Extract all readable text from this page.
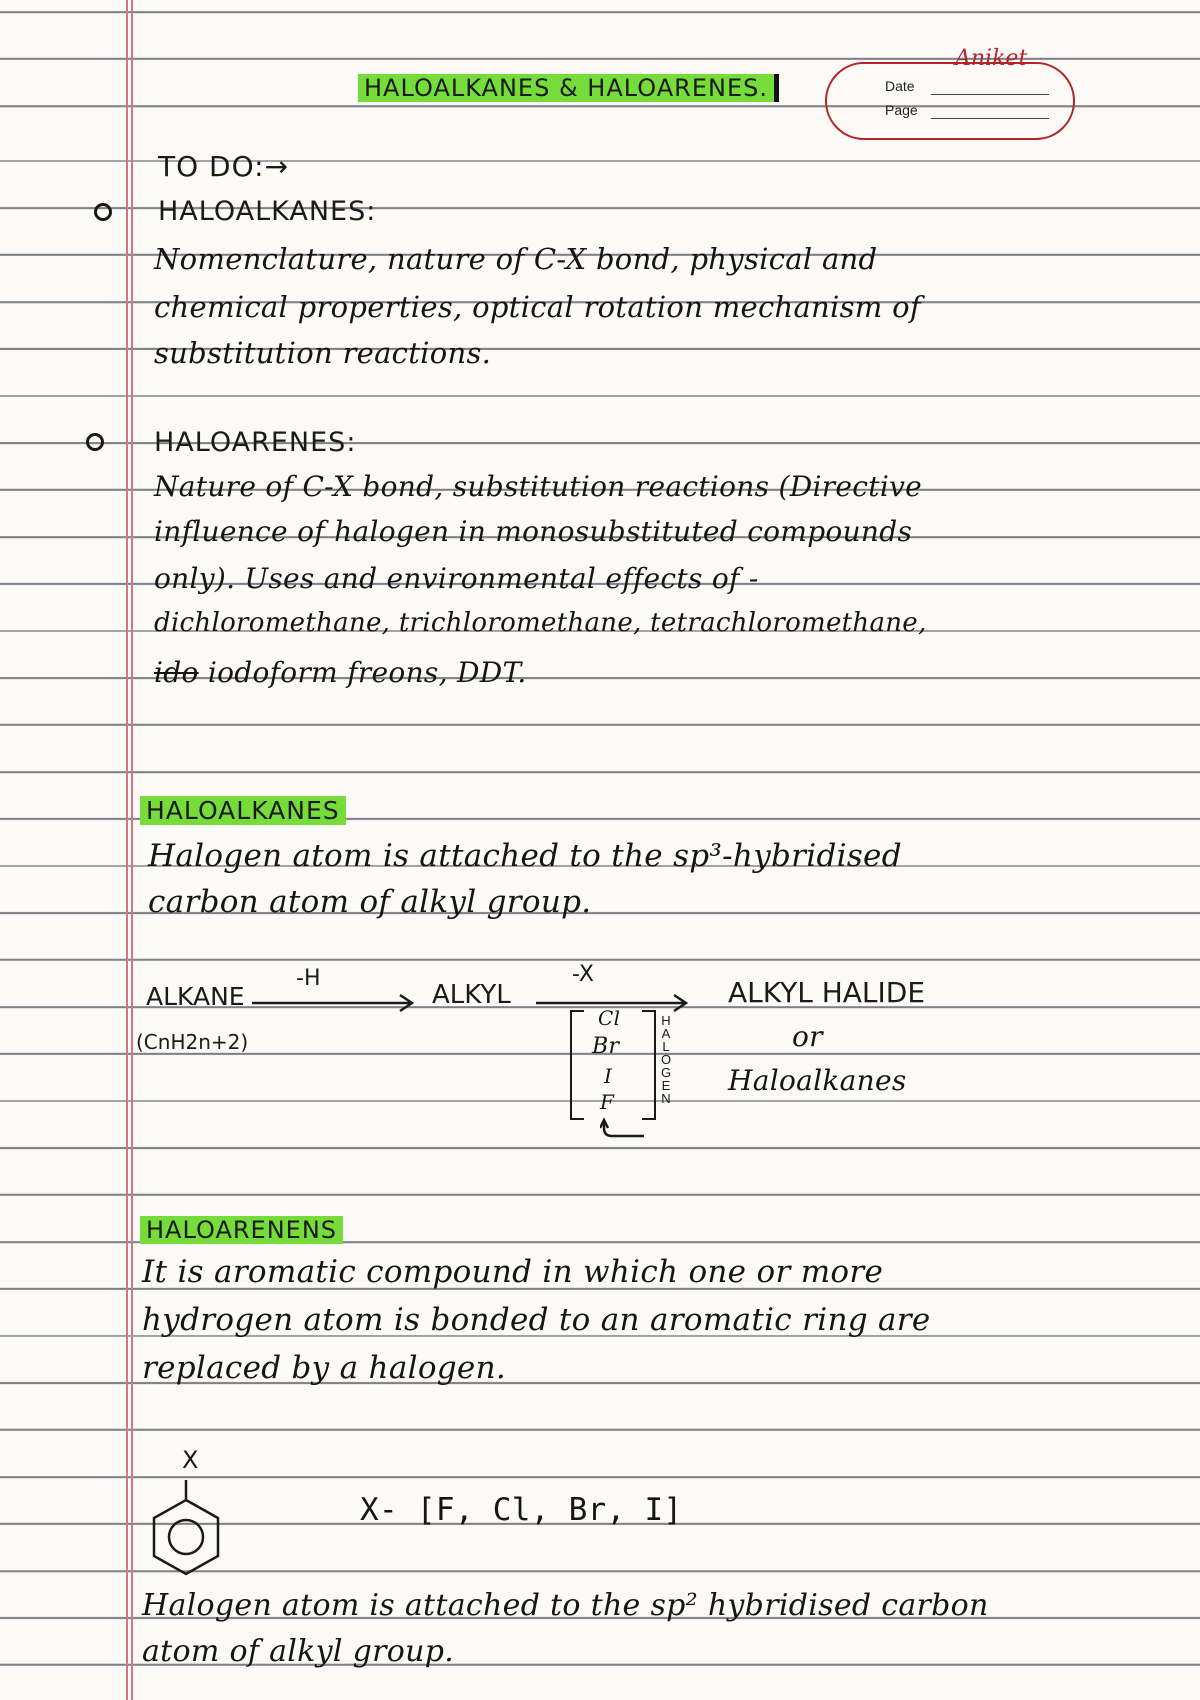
HALOALKANES & HALOARENES.
Aniket
Date
Page
TO DO:→
HALOALKANES:
Nomenclature, nature of C-X bond, physical and
chemical properties, optical rotation mechanism of
substitution reactions.
HALOARENES:
Nature of C-X bond, substitution reactions (Directive
influence of halogen in monosubstituted compounds
only). Uses and environmental effects of -
dichloromethane, trichloromethane, tetrachloromethane,
ido iodoform freons, DDT.
HALOALKANES
Halogen atom is attached to the sp³-hybridised
carbon atom of alkyl group.
ALKANE
(CnH2n+2)
-H
ALKYL
-X
Cl
Br
I
F
H
A
L
O
G
E
N
ALKYL HALIDE
or
Haloalkanes
HALOARENENS
It is aromatic compound in which one or more
hydrogen atom is bonded to an aromatic ring are
replaced by a halogen.
X
X- [F, Cl, Br, I]
Halogen atom is attached to the sp² hybridised carbon
atom of alkyl group.
